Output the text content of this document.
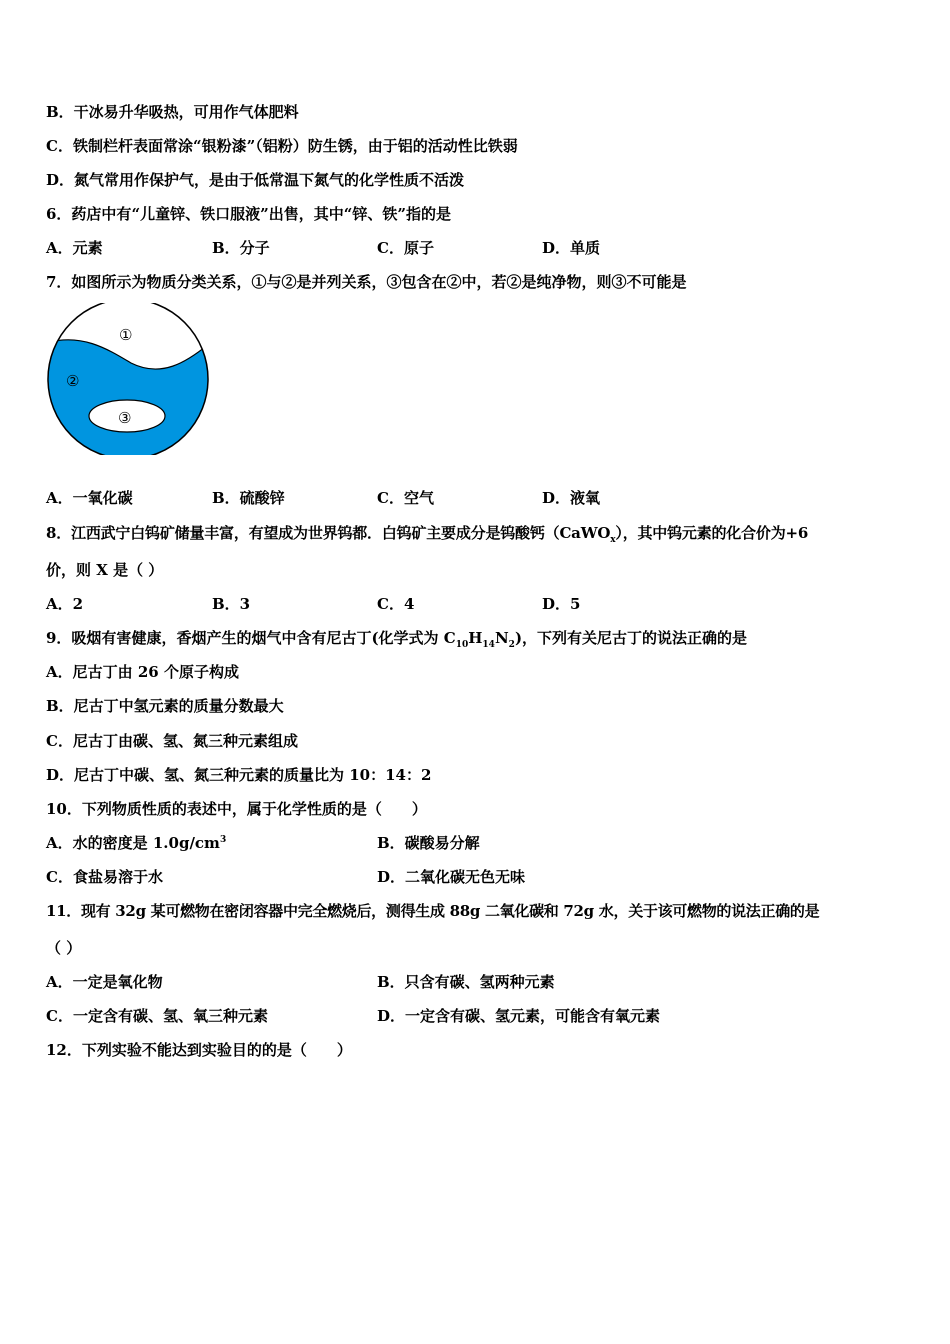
B．干冰易升华吸热，可用作气体肥料
C．铁制栏杆表面常涂“银粉漆”（铝粉）防生锈，由于铝的活动性比铁弱
D．氮气常用作保护气，是由于低常温下氮气的化学性质不活泼
6．药店中有“儿童锌、铁口服液”出售，其中“锌、铁”指的是
A．元素	B．分子	C．原子	D．单质
7．如图所示为物质分类关系，①与②是并列关系，③包含在②中，若②是纯净物，则③不可能是
①
②
③
A．一氧化碳	B．硫酸锌	C．空气	D．液氧
8．江西武宁白钨矿储量丰富，有望成为世界钨都．白钨矿主要成分是钨酸钙（CaWO$_x$），其中钨元素的化合价为+6
价，则 X 是（ ）
A．2	B．3	C．4	D．5
9．吸烟有害健康，香烟产生的烟气中含有尼古丁(化学式为 $C_{10}H_{14}N_2$)，下列有关尼古丁的说法正确的是
A．尼古丁由 26 个原子构成
B．尼古丁中氢元素的质量分数最大
C．尼古丁由碳、氢、氮三种元素组成
D．尼古丁中碳、氢、氮三种元素的质量比为 10：14：2
10．下列物质性质的表述中，属于化学性质的是（　　）
A．水的密度是 $1.0g/cm^3$	B．碳酸易分解
C．食盐易溶于水	D．二氧化碳无色无味
11．现有 32g 某可燃物在密闭容器中完全燃烧后，测得生成 88g 二氧化碳和 72g 水，关于该可燃物的说法正确的是
（ ）
A．一定是氧化物	B．只含有碳、氢两种元素
C．一定含有碳、氢、氧三种元素	D．一定含有碳、氢元素，可能含有氧元素
12．下列实验不能达到实验目的的是（　　）
